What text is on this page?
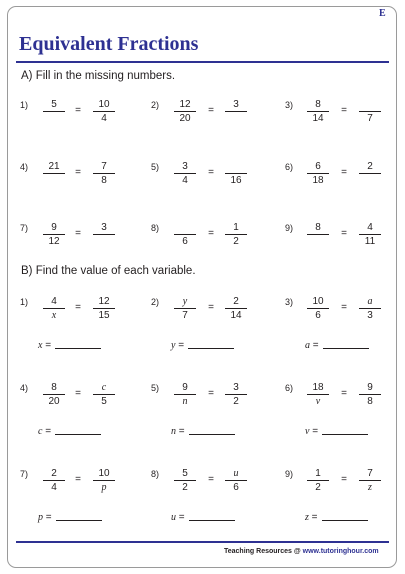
E
Equivalent Fractions
A) Fill in the missing numbers.
1)	5
=
10
4
2)	12
20
=
3	3)	8
14
=
7
4)	21
=
7
8
5)	3
4
=
16
6)	6
18
=
2
7)	9
12
=
3	8)
6
=
1
2
9)	8
=
4
11
B) Find the value of each variable.
1)	4
x
=
12
15
x =
2)	y
7
=
2
14
y =
3)	10
6
=
a
3
a =
4)	8
20
=
c
5
c =
5)	9
n
=
3
2
n =
6)	18
v
=
9
8
v =
7)	2
4
=
10
p
p =
8)	5
2
=
u
6
u =
9)	1
2
=
7
z
z =
Teaching Resources @ www.tutoringhour.com
